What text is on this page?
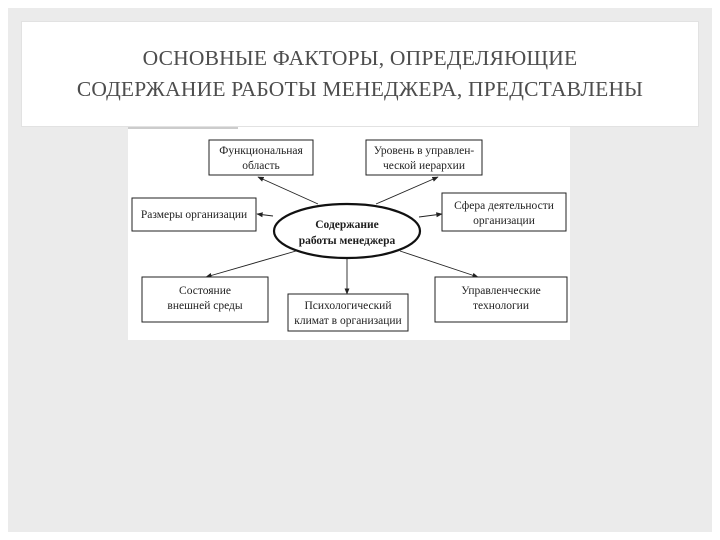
ОСНОВНЫЕ ФАКТОРЫ, ОПРЕДЕЛЯЮЩИЕ
СОДЕРЖАНИЕ РАБОТЫ МЕНЕДЖЕРА, ПРЕДСТАВЛЕНЫ
Содержание
работы менеджера
Функциональная
область
Уровень в управлен-
ческой иерархии
Размеры организации
Сфера деятельности
организации
Состояние
внешней среды	Психологический
климат в организации
Управленческие
технологии
